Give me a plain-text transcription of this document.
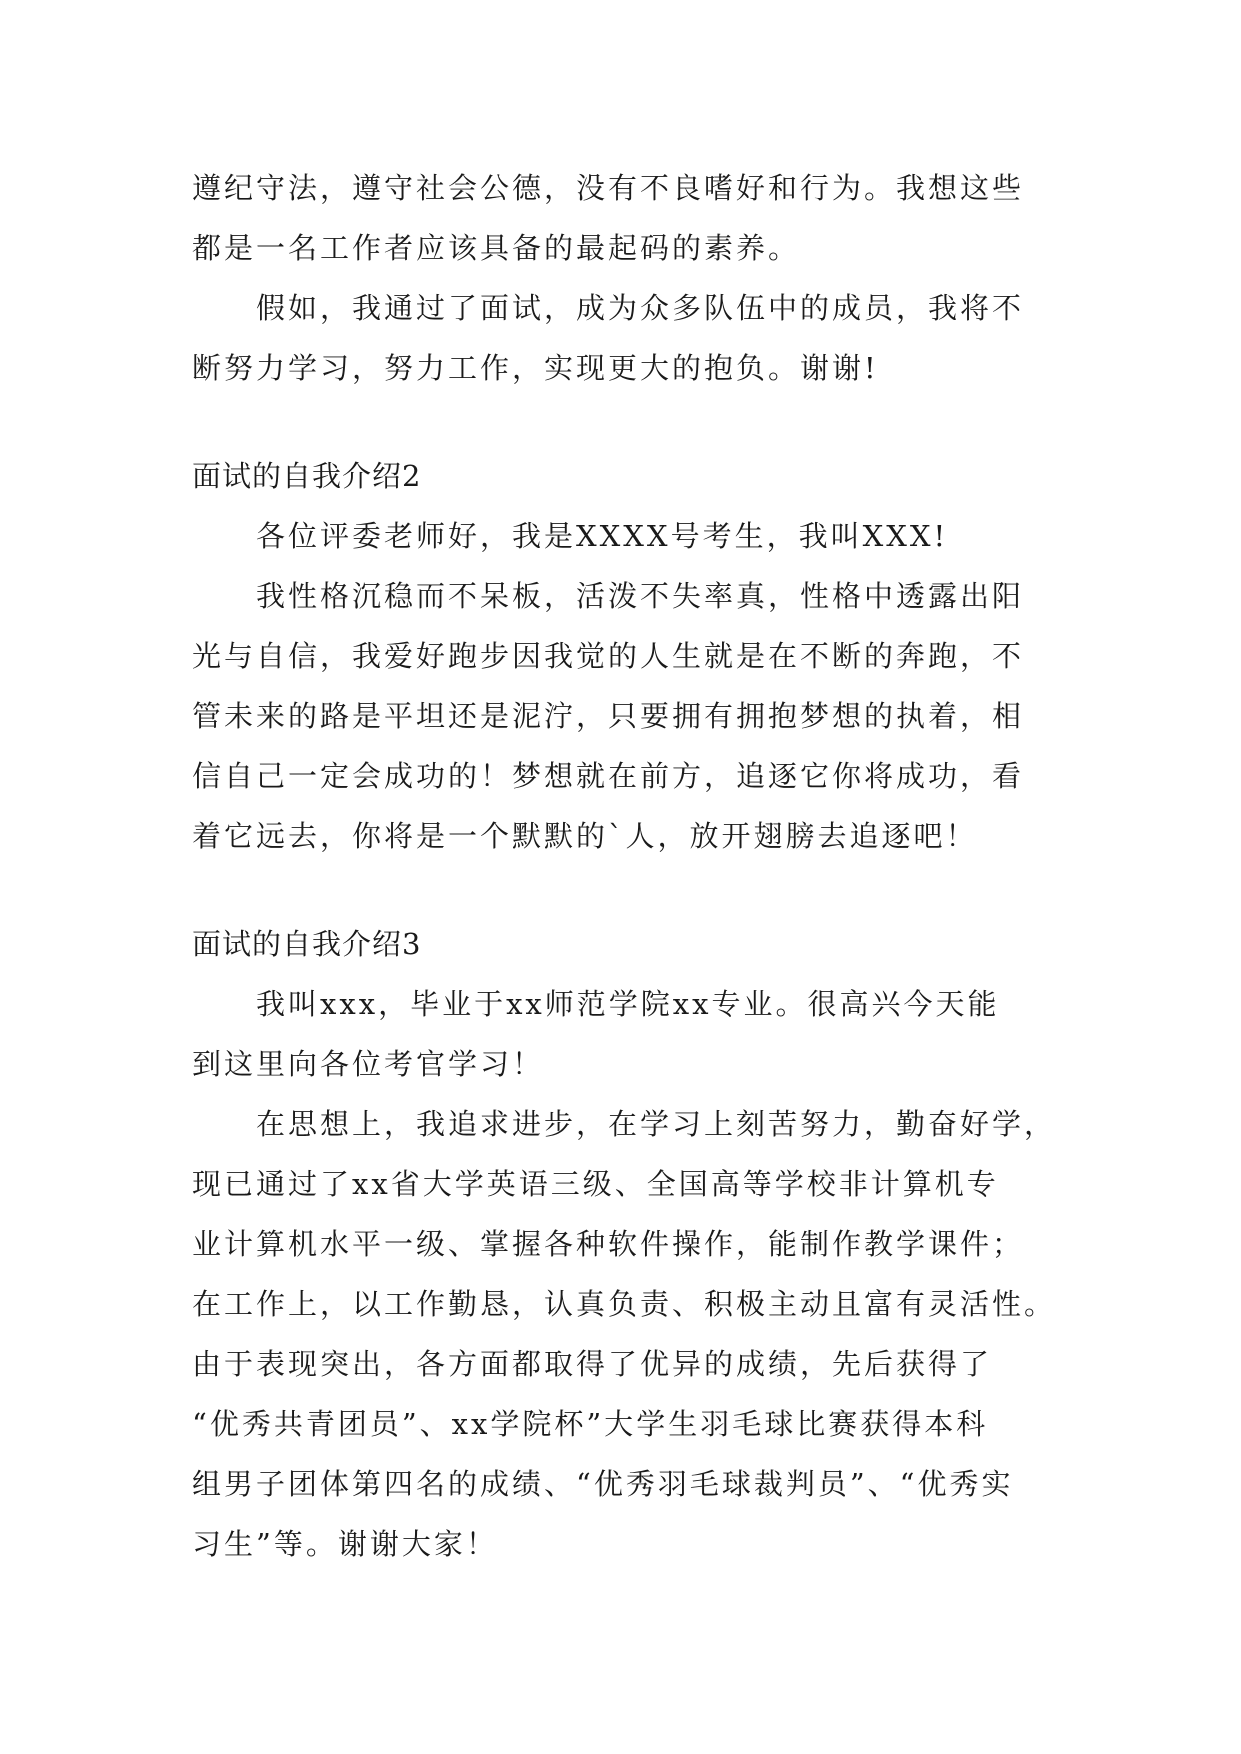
遵纪守法，遵守社会公德，没有不良嗜好和行为。我想这些
都是一名工作者应该具备的最起码的素养。
假如，我通过了面试，成为众多队伍中的成员，我将不
断努力学习，努力工作，实现更大的抱负。谢谢!
面试的自我介绍2
各位评委老师好，我是XXXX号考生，我叫XXX!
我性格沉稳而不呆板，活泼不失率真，性格中透露出阳
光与自信，我爱好跑步因我觉的人生就是在不断的奔跑，不
管未来的路是平坦还是泥泞，只要拥有拥抱梦想的执着，相
信自己一定会成功的！梦想就在前方，追逐它你将成功，看
着它远去，你将是一个默默的`人，放开翅膀去追逐吧！
面试的自我介绍3
我叫xxx，毕业于xx师范学院xx专业。很高兴今天能
到这里向各位考官学习！
在思想上，我追求进步，在学习上刻苦努力，勤奋好学，
现已通过了xx省大学英语三级、全国高等学校非计算机专
业计算机水平一级、掌握各种软件操作，能制作教学课件；
在工作上，以工作勤恳，认真负责、积极主动且富有灵活性。
由于表现突出，各方面都取得了优异的成绩，先后获得了
“优秀共青团员”、xx学院杯”大学生羽毛球比赛获得本科
组男子团体第四名的成绩、“优秀羽毛球裁判员”、“优秀实
习生”等。谢谢大家！
